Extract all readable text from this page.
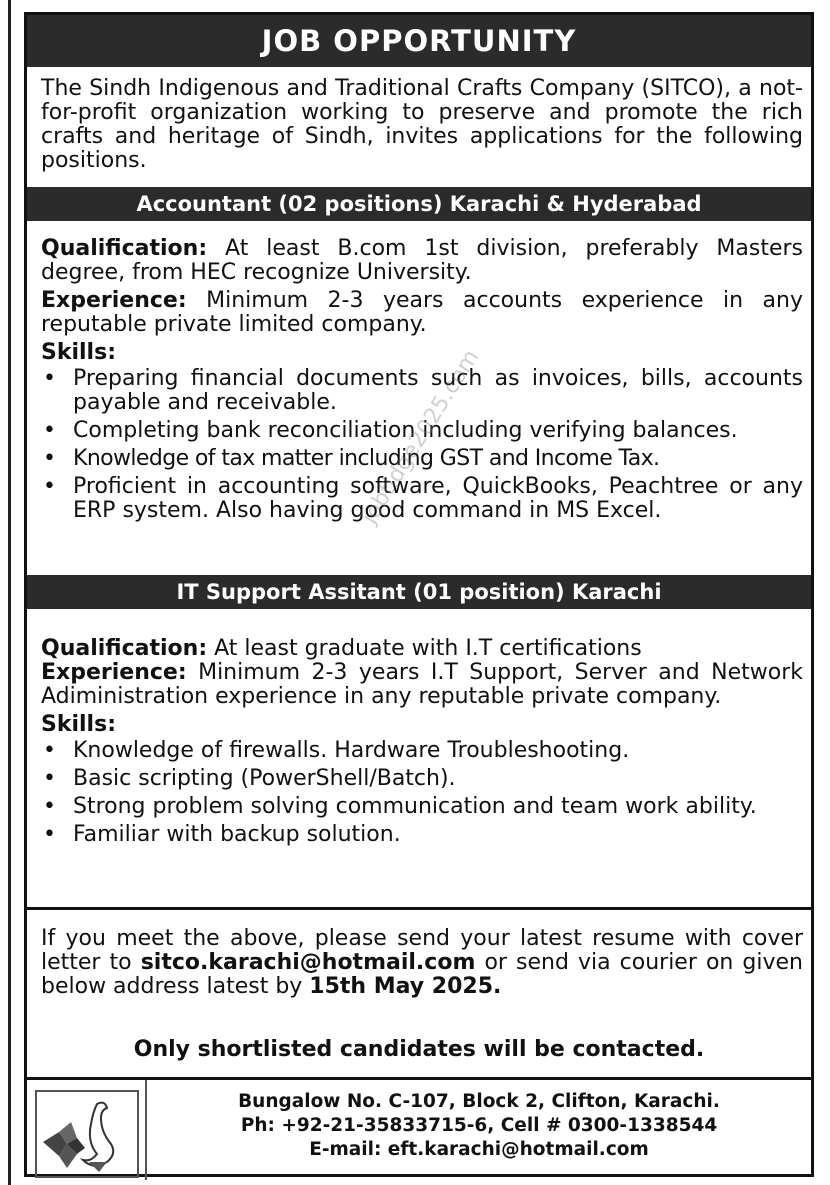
JOB OPPORTUNITY
The Sindh Indigenous and Traditional Crafts Company (SITCO), a not-for-profit organization working to preserve and promote the rich crafts and heritage of Sindh, invites applications for the following positions.
Accountant (02 positions) Karachi & Hyderabad
Qualification: At least B.com 1st division, preferably Masters degree, from HEC recognize University.
Experience: Minimum 2-3 years accounts experience in any reputable private limited company.
Skills:
• Preparing financial documents such as invoices, bills, accounts payable and receivable.
• Completing bank reconciliation including verifying balances.
• Knowledge of tax matter including GST and Income Tax.
• Proficient in accounting software, QuickBooks, Peachtree or any ERP system. Also having good command in MS Excel.
IT Support Assitant (01 position) Karachi
Qualification: At least graduate with I.T certifications
Experience: Minimum 2-3 years I.T Support, Server and Network Adiministration experience in any reputable private company.
Skills:
• Knowledge of firewalls. Hardware Troubleshooting.
• Basic scripting (PowerShell/Batch).
• Strong problem solving communication and team work ability.
• Familiar with backup solution.
If you meet the above, please send your latest resume with cover letter to sitco.karachi@hotmail.com or send via courier on given below address latest by 15th May 2025.
Only shortlisted candidates will be contacted.
Bungalow No. C-107, Block 2, Clifton, Karachi.
Ph: +92-21-35833715-6, Cell # 0300-1338544
E-mail: eft.karachi@hotmail.com
jobtidge2025.com
